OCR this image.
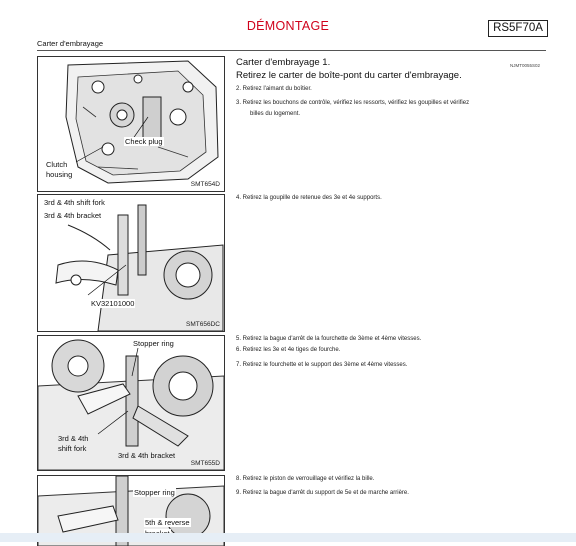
DÉMONTAGE	RS5F70A
Carter d'embrayage
Check plug
Clutch
housing
SMT654D
3rd & 4th shift fork
3rd & 4th bracket
KV32101000
SMT656DC
Stopper ring
3rd & 4th
shift fork
3rd & 4th bracket
SMT655D
Stopper ring
5th & reverse
Carter d'embrayage 1.
Retirez le carter de boîte-pont du carter d'embrayage.
NJMT0055S02
2. Retirez l'aimant du boîtier.
3. Retirez les bouchons de contrôle, vérifiez les ressorts, vérifiez les goupilles et vérifiez
billes du logement.
4. Retirez la goupille de retenue des 3e et 4e supports.
5. Retirez la bague d'arrêt de la fourchette de 3ème et 4ème vitesses.
6. Retirez les 3e et 4e tiges de fourche.
7. Retirez le fourchette et le support des 3ème et 4ème vitesses.
8. Retirez le piston de verrouillage et vérifiez la bille.
9. Retirez la bague d'arrêt du support de 5e et de marche arrière.
